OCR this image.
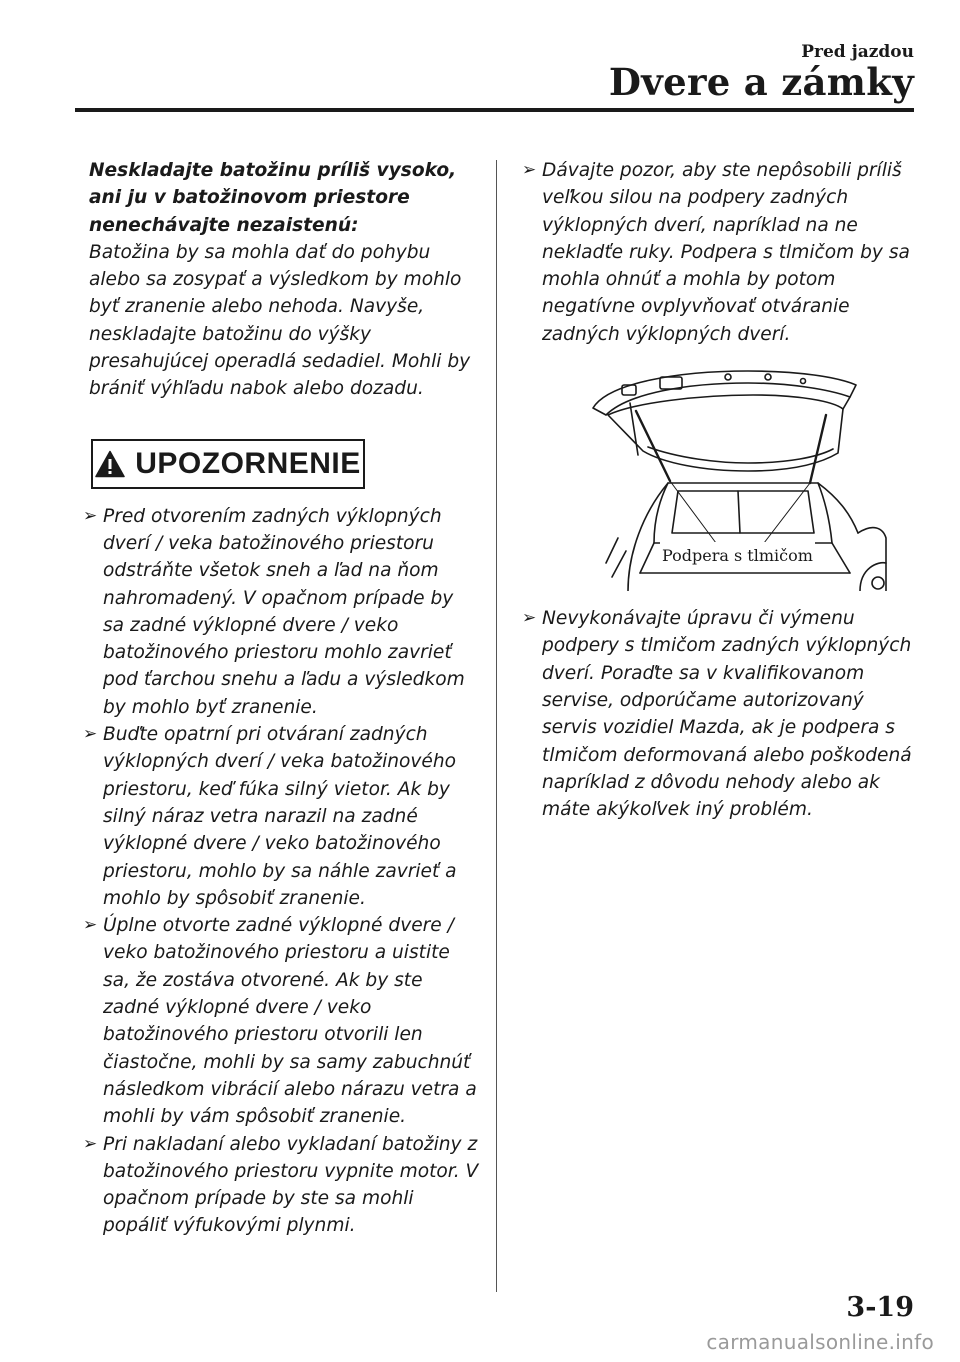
Pred jazdou
Dvere a zámky

Neskladajte batožinu príliš vysoko, ani ju v batožinovom priestore nenechávajte nezaistenú:
Batožina by sa mohla dať do pohybu alebo sa zosypať a výsledkom by mohlo byť zranenie alebo nehoda. Navyše, neskladajte batožinu do výšky presahujúcej operadlá sedadiel. Mohli by brániť výhľadu nabok alebo dozadu.

UPOZORNENIE
➢ Pred otvorením zadných výklopných dverí / veka batožinového priestoru odstráňte všetok sneh a ľad na ňom nahromadený. V opačnom prípade by sa zadné výklopné dvere / veko batožinového priestoru mohlo zavrieť pod ťarchou snehu a ľadu a výsledkom by mohlo byť zranenie.
➢ Buďte opatrní pri otváraní zadných výklopných dverí / veka batožinového priestoru, keď fúka silný vietor. Ak by silný náraz vetra narazil na zadné výklopné dvere / veko batožinového priestoru, mohlo by sa náhle zavrieť a mohlo by spôsobiť zranenie.
➢ Úplne otvorte zadné výklopné dvere / veko batožinového priestoru a uistite sa, že zostáva otvorené. Ak by ste zadné výklopné dvere / veko batožinového priestoru otvorili len čiastočne, mohli by sa samy zabuchnúť následkom vibrácií alebo nárazu vetra a mohli by vám spôsobiť zranenie.
➢ Pri nakladaní alebo vykladaní batožiny z batožinového priestoru vypnite motor. V opačnom prípade by ste sa mohli popáliť výfukovými plynmi.
➢ Dávajte pozor, aby ste nepôsobili príliš veľkou silou na podpery zadných výklopných dverí, napríklad na ne nekladťe ruky. Podpera s tlmičom by sa mohla ohnúť a mohla by potom negatívne ovplyvňovať otváranie zadných výklopných dverí.
Podpera s tlmičom
➢ Nevykonávajte úpravu či výmenu podpery s tlmičom zadných výklopných dverí. Poraďte sa v kvalifikovanom servise, odporúčame autorizovaný servis vozidiel Mazda, ak je podpera s tlmičom deformovaná alebo poškodená napríklad z dôvodu nehody alebo ak máte akýkoľvek iný problém.
3-19
carmanualsonline.info
